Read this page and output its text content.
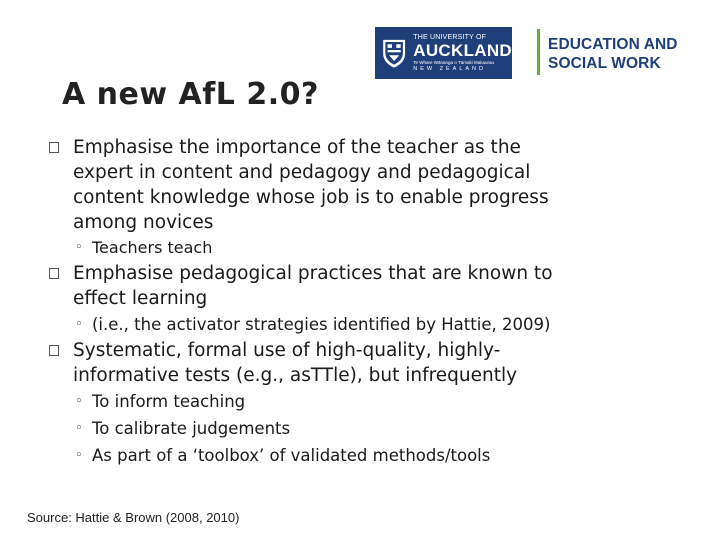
THE UNIVERSITY OF
AUCKLAND
Te Whare Wānanga o Tāmaki Makaurau
NEW ZEALAND
EDUCATION AND
SOCIAL WORK
A new AfL 2.0?

Emphasise the importance of the teacher as the
expert in content and pedagogy and pedagogical
content knowledge whose job is to enable progress
among novices

◦ Teachers teach

Emphasise pedagogical practices that are known to
effect learning

◦ (i.e., the activator strategies identified by Hattie, 2009)

Systematic, formal use of high-quality, highly-
informative tests (e.g., asTTle), but infrequently

◦ To inform teaching

◦ To calibrate judgements

◦ As part of a ‘toolbox’ of validated methods/tools

Source: Hattie & Brown (2008, 2010)
